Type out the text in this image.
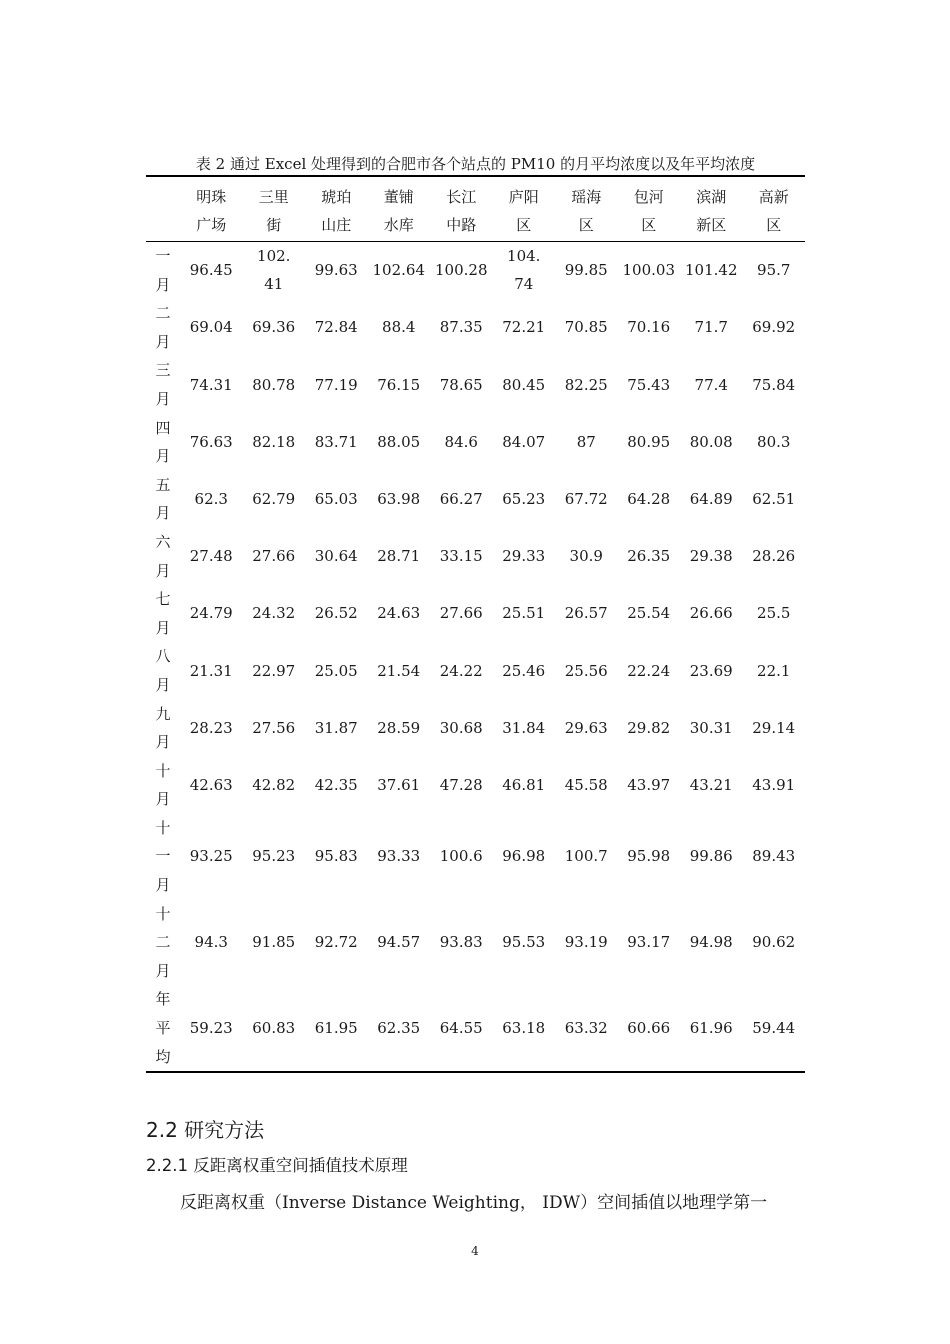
表 2 通过 Excel 处理得到的合肥市各个站点的 PM10 的月平均浓度以及年平均浓度
	明珠广场	三里街	琥珀山庄	董铺水库	长江中路	庐阳区	瑶海区	包河区	滨湖新区	高新区
一月	96.45	102.41	99.63	102.64	100.28	104.74	99.85	100.03	101.42	95.7
二月	69.04	69.36	72.84	88.4	87.35	72.21	70.85	70.16	71.7	69.92
三月	74.31	80.78	77.19	76.15	78.65	80.45	82.25	75.43	77.4	75.84
四月	76.63	82.18	83.71	88.05	84.6	84.07	87	80.95	80.08	80.3
五月	62.3	62.79	65.03	63.98	66.27	65.23	67.72	64.28	64.89	62.51
六月	27.48	27.66	30.64	28.71	33.15	29.33	30.9	26.35	29.38	28.26
七月	24.79	24.32	26.52	24.63	27.66	25.51	26.57	25.54	26.66	25.5
八月	21.31	22.97	25.05	21.54	24.22	25.46	25.56	22.24	23.69	22.1
九月	28.23	27.56	31.87	28.59	30.68	31.84	29.63	29.82	30.31	29.14
十月	42.63	42.82	42.35	37.61	47.28	46.81	45.58	43.97	43.21	43.91
十一月	93.25	95.23	95.83	93.33	100.6	96.98	100.7	95.98	99.86	89.43
十二月	94.3	91.85	92.72	94.57	93.83	95.53	93.19	93.17	94.98	90.62
年平均	59.23	60.83	61.95	62.35	64.55	63.18	63.32	60.66	61.96	59.44
2.2 研究方法
2.2.1 反距离权重空间插值技术原理
反距离权重（Inverse Distance Weighting， IDW）空间插值以地理学第一
4
